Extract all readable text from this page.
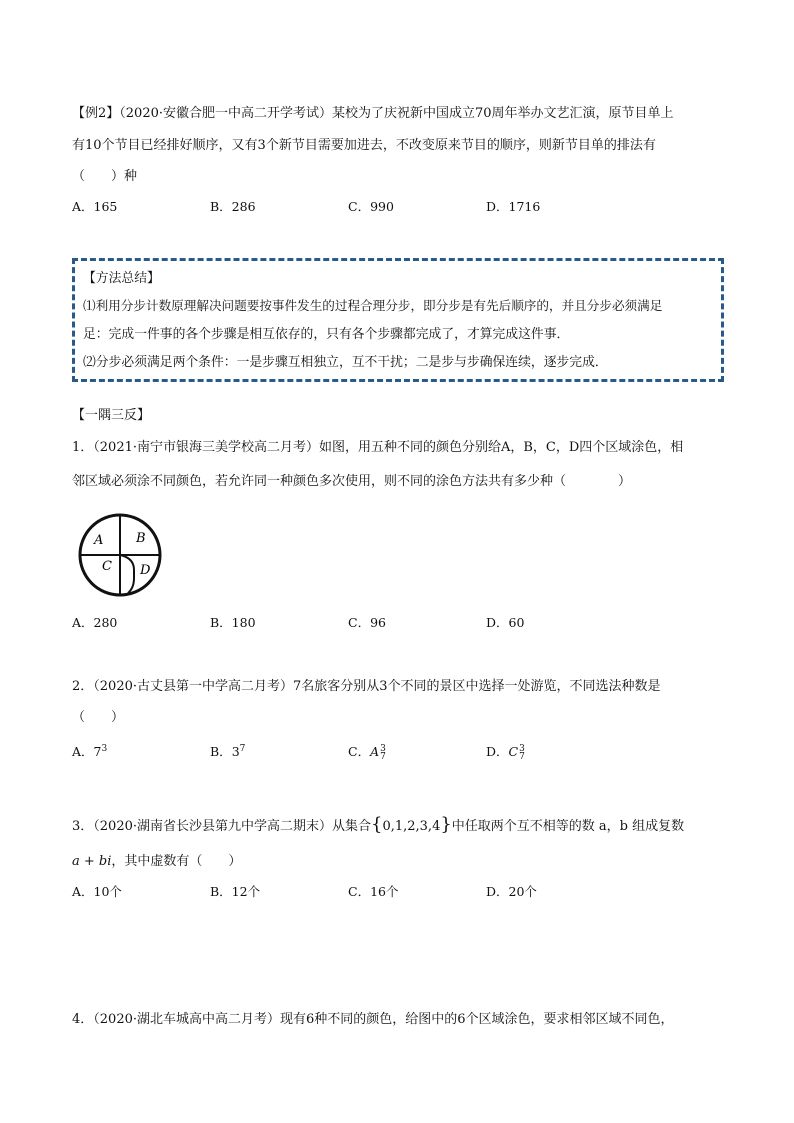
【例2】（2020·安徽合肥一中高二开学考试）某校为了庆祝新中国成立70周年举办文艺汇演，原节目单上
有10个节目已经排好顺序，又有3个新节目需要加进去，不改变原来节目的顺序，则新节目单的排法有
（　　）种
A．165	B．286	C．990	D．1716
【方法总结】
⑴利用分步计数原理解决问题要按事件发生的过程合理分步，即分步是有先后顺序的，并且分步必须满足
足：完成一件事的各个步骤是相互依存的，只有各个步骤都完成了，才算完成这件事．
⑵分步必须满足两个条件：一是步骤互相独立，互不干扰；二是步与步确保连续，逐步完成．
【一隅三反】
1．（2021·南宁市银海三美学校高二月考）如图，用五种不同的颜色分别给A，B，C，D四个区域涂色，相
邻区域必须涂不同颜色，若允许同一种颜色多次使用，则不同的涂色方法共有多少种（　　　　）
A	B
C D
A．280	B．180	C．96	D．60
2．（2020·古丈县第一中学高二月考）7名旅客分别从3个不同的景区中选择一处游览，不同选法种数是
（　　）
A．$7^3$	B．$3^7$	C．A 3
7	D．C 3
7
3．（2020·湖南省长沙县第九中学高二期末）从集合{0,1,2,3,4}中任取两个互不相等的数 a，b 组成复数
a + bi，其中虚数有（　　）
A．10个	B．12个	C．16个	D．20个
4．（2020·湖北车城高中高二月考）现有6种不同的颜色，给图中的6个区域涂色，要求相邻区域不同色，
